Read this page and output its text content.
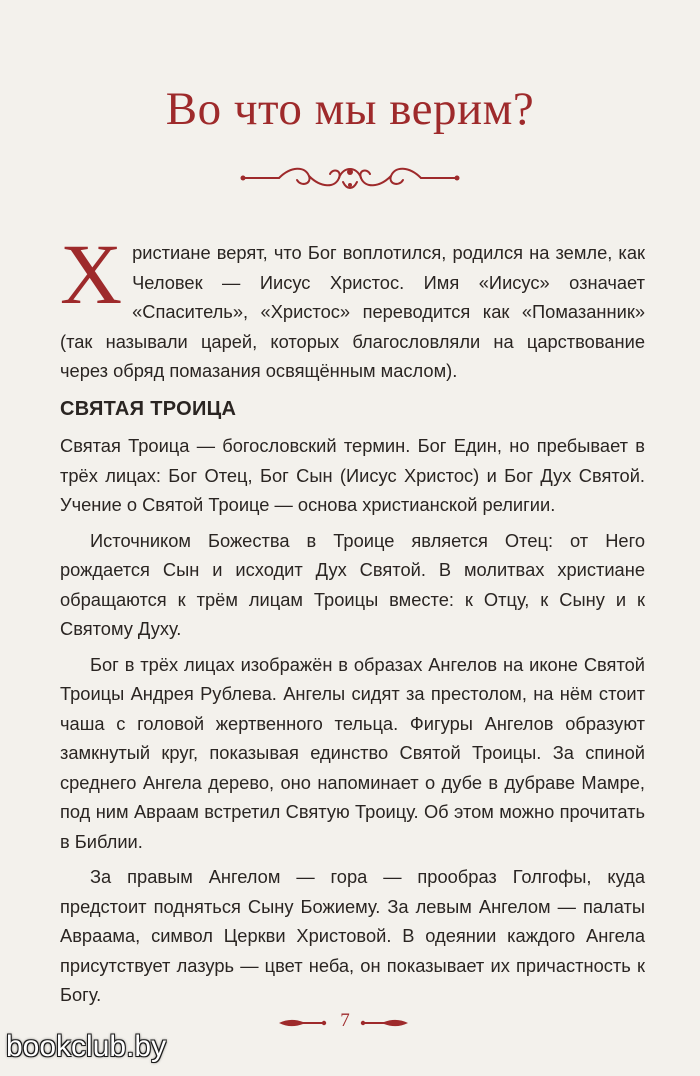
Во что мы верим?
Х ристиане верят, что Бог воплотился, родился на земле, как Человек — Иисус Христос. Имя «Иисус» означает «Спаситель», «Христос» переводится как «Помазанник» (так называли царей, которых благословляли на царствование через обряд помазания освящённым маслом).
СВЯТАЯ ТРОИЦА

Святая Троица — богословский термин. Бог Един, но пребывает в трёх лицах: Бог Отец, Бог Сын (Иисус Христос) и Бог Дух Святой. Учение о Святой Троице — основа христианской религии.

Источником Божества в Троице является Отец: от Него рождается Сын и исходит Дух Святой. В молитвах христиане обращаются к трём лицам Троицы вместе: к Отцу, к Сыну и к Святому Духу.

Бог в трёх лицах изображён в образах Ангелов на иконе Святой Троицы Андрея Рублева. Ангелы сидят за престолом, на нём стоит чаша с головой жертвенного тельца. Фигуры Ангелов образуют замкнутый круг, показывая единство Святой Троицы. За спиной среднего Ангела дерево, оно напоминает о дубе в дубраве Мамре, под ним Авраам встретил Святую Троицу. Об этом можно прочитать в Библии.

За правым Ангелом — гора — прообраз Голгофы, куда предстоит подняться Сыну Божиему. За левым Ангелом — палаты Авраама, символ Церкви Христовой. В одеянии каждого Ангела присутствует лазурь — цвет неба, он показывает их причастность к Богу.

7
bookclub.by
